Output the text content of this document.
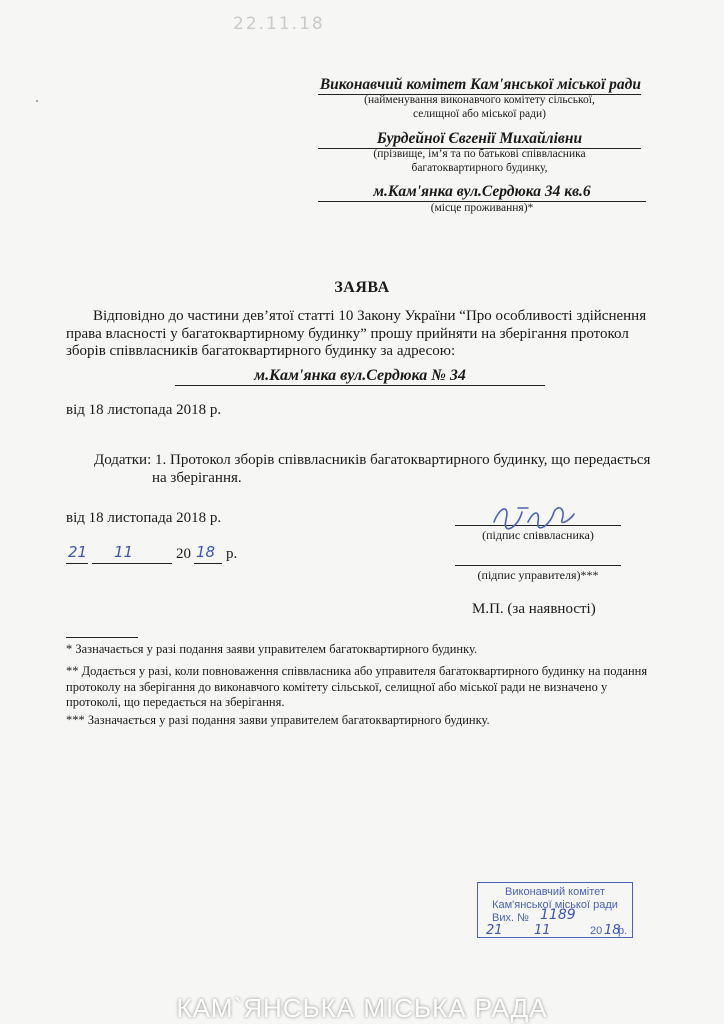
22.11.18
Виконавчий комітет Кам'янської міської ради
(найменування виконавчого комітету сільської,
селищної або міської ради)
Бурдейної Євгенії Михайлівни
(прізвище, ім’я та по батькові співвласника
багатоквартирного будинку,
м.Кам'янка вул.Сердюка 34 кв.6
(місце проживання)*
ЗАЯВА
Відповідно до частини дев’ятої статті 10 Закону України “Про особливості здійснення
права власності у багатоквартирному будинку” прошу прийняти на зберігання протокол
зборів співвласників багатоквартирного будинку за адресою:
м.Кам'янка вул.Сердюка № 34
від 18 листопада 2018 р.
Додатки: 1. Протокол зборів співвласників багатоквартирного будинку, що передається
на зберігання.
від 18 листопада 2018 р.
(підпис співвласника)
21 11	20 18 р.
(підпис управителя)***
М.П. (за наявності)
* Зазначається у разі подання заяви управителем багатоквартирного будинку.
** Додається у разі, коли повноваження співвласника або управителя багатоквартирного будинку на подання
протоколу на зберігання до виконавчого комітету сільської, селищної або міської ради не визначено у
протоколі, що передається на зберігання.
*** Зазначається у разі подання заяви управителем багатоквартирного будинку.
Виконавчий комітет
Кам'янської міської ради
Вих. № 1189
21 11	20 18
р.
КАМ`ЯНСЬКА МІСЬКА РАДА
